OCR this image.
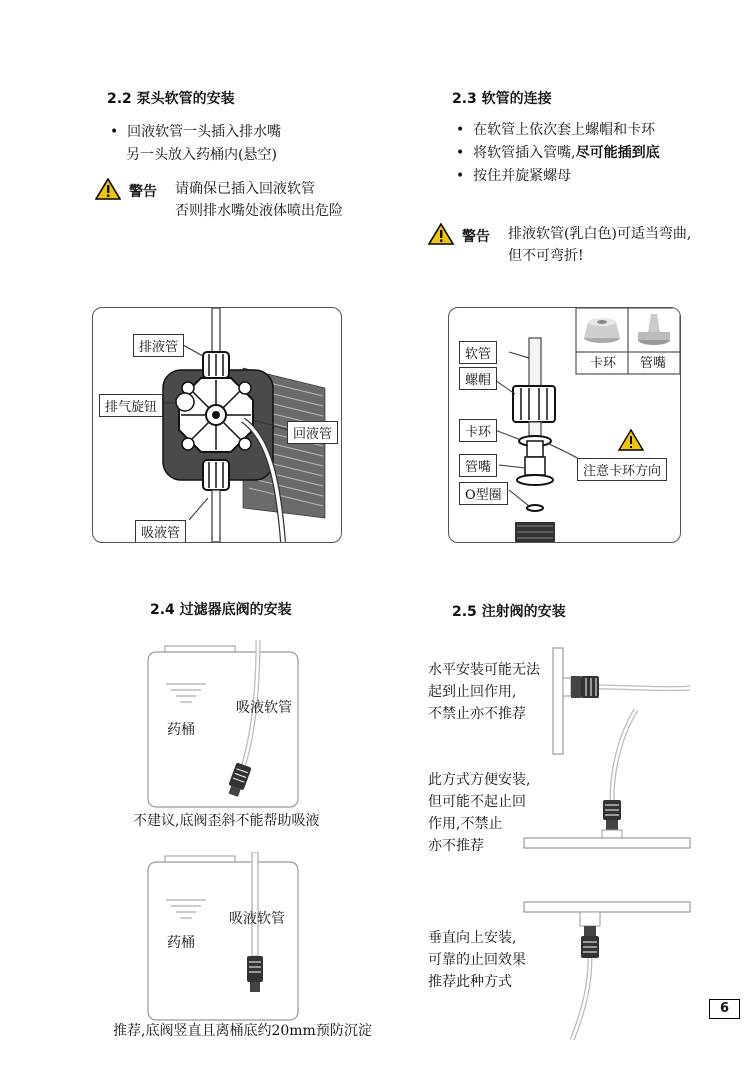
2.2 泵头软管的安装
•  回液软管一头插入排水嘴
另一头放入药桶内(悬空)
警告 请确保已插入回液软管
否则排水嘴处液体喷出危险
2.3 软管的连接
•  在软管上依次套上螺帽和卡环
•  将软管插入管嘴,尽可能插到底
•  按住并旋紧螺母
警告 排液软管(乳白色)可适当弯曲,
但不可弯折!
排液管
排气旋钮
回液管
吸液管
软管
螺帽
卡环
管嘴
O型圈
注意卡环方向
卡环 管嘴
2.4 过滤器底阀的安装
药桶
吸液软管
不建议,底阀歪斜不能帮助吸液
药桶
吸液软管
推荐,底阀竖直且离桶底约20mm预防沉淀
2.5 注射阀的安装
水平安装可能无法
起到止回作用,
不禁止亦不推荐
此方式方便安装,
但可能不起止回
作用,不禁止
亦不推荐
垂直向上安装,
可靠的止回效果
推荐此种方式
6
